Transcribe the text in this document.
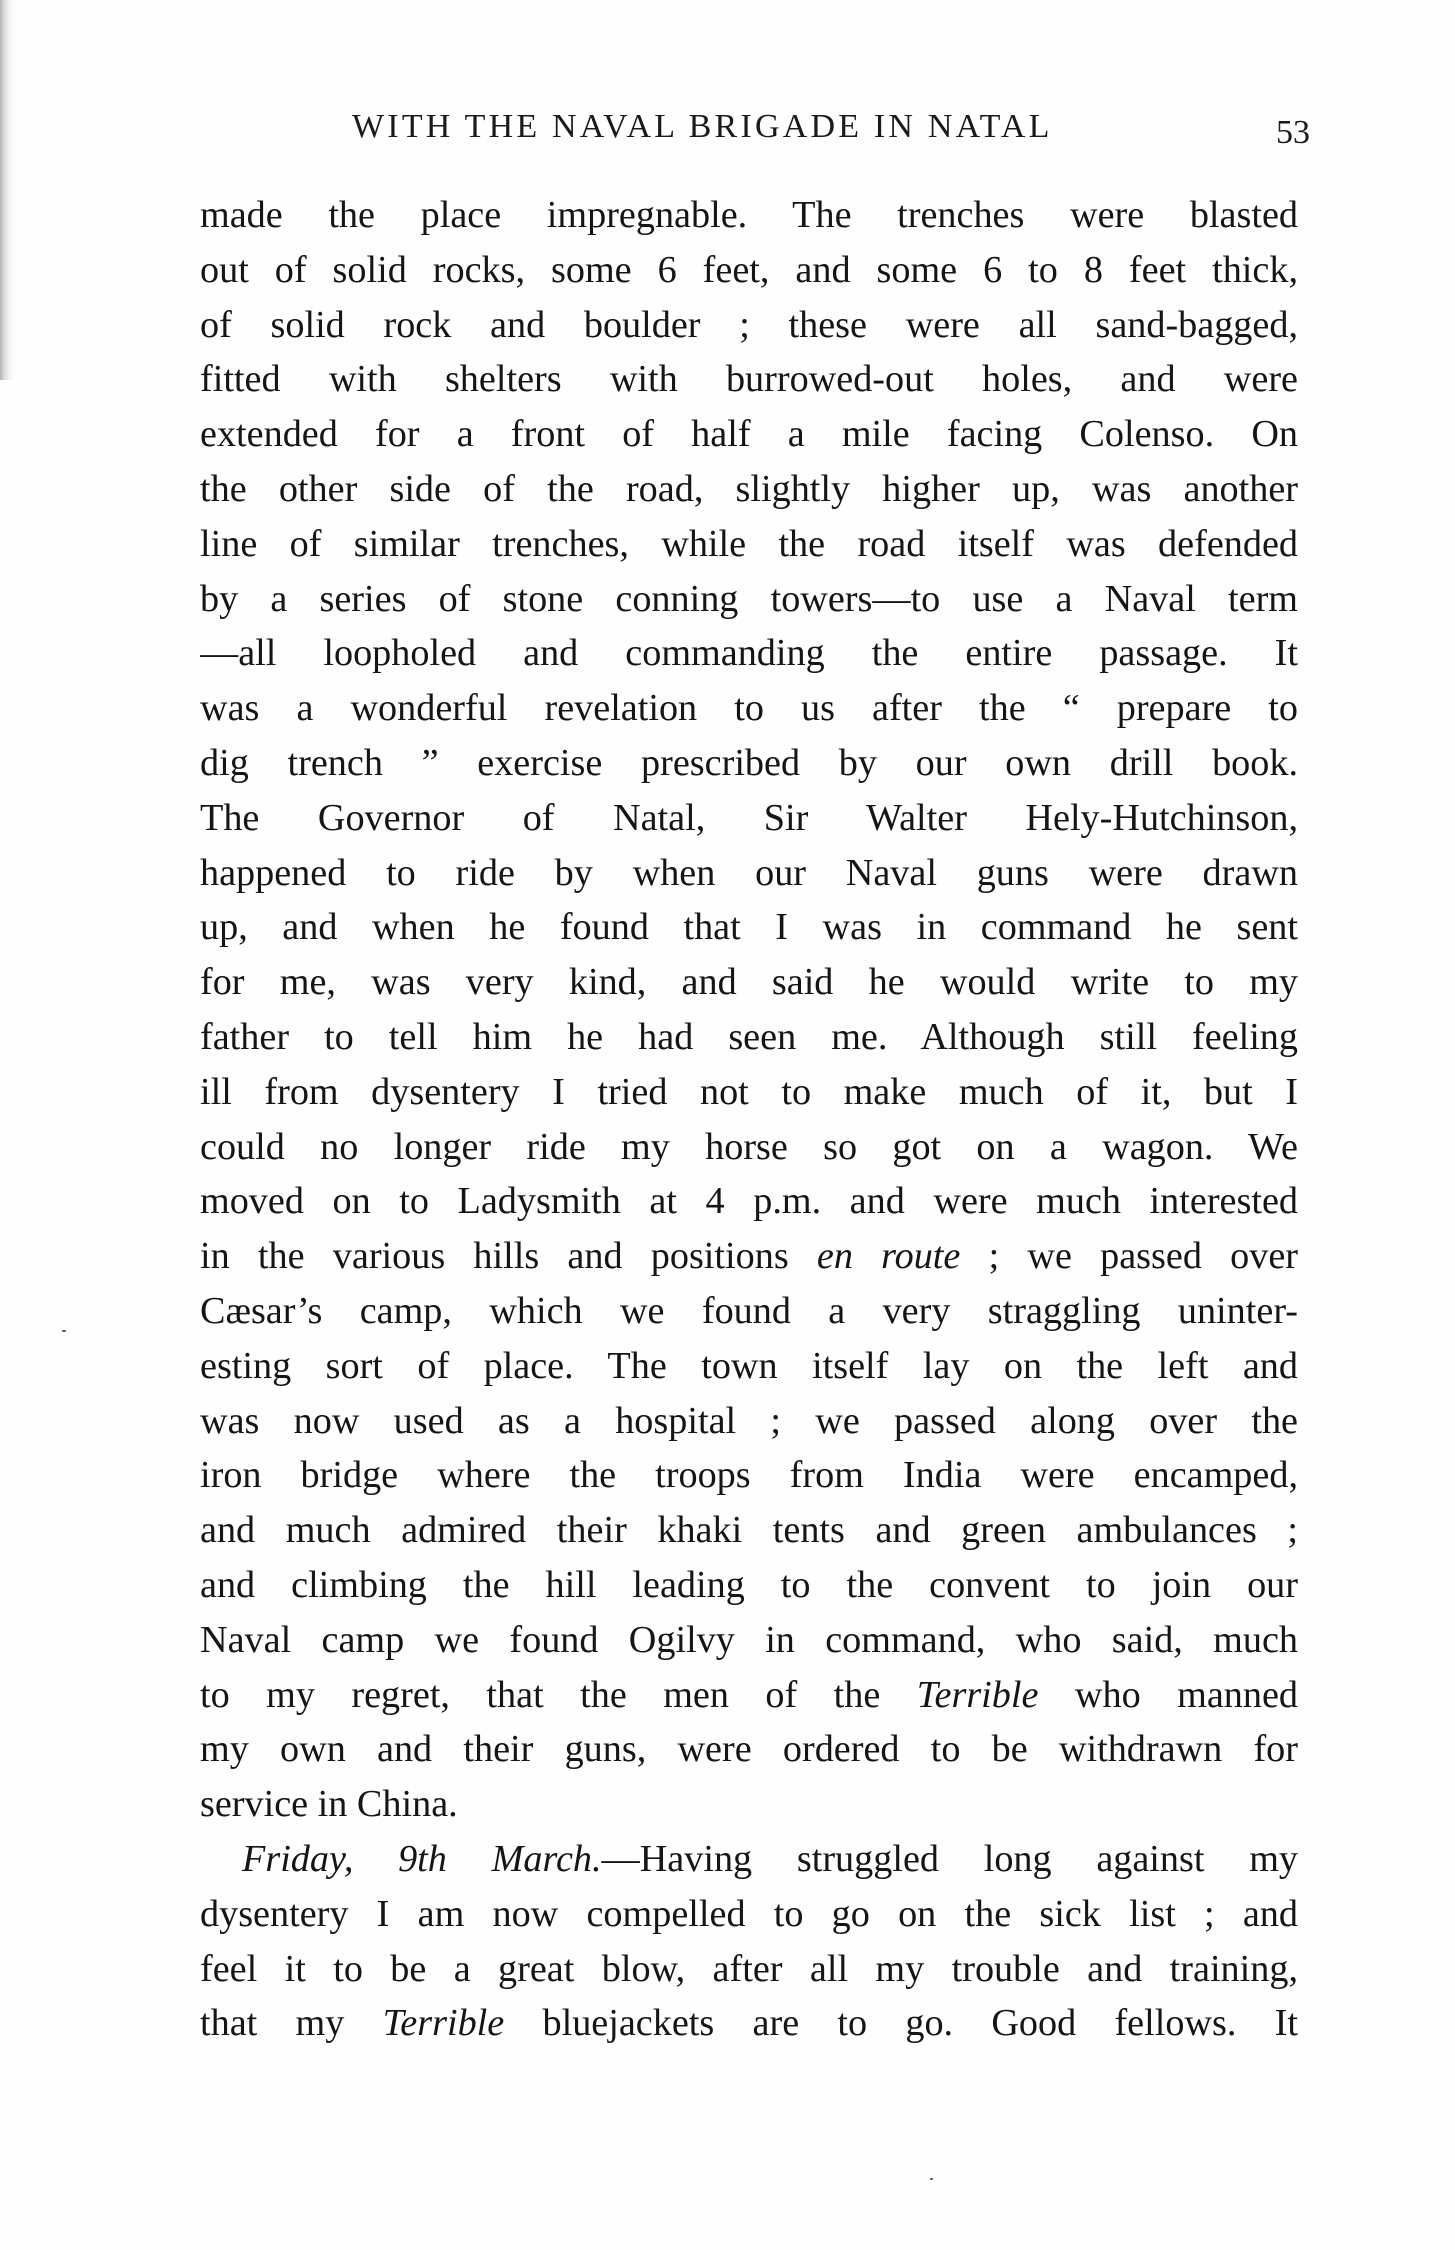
WITH THE NAVAL BRIGADE IN NATAL	53
made the place impregnable. The trenches were blasted
out of solid rocks, some 6 feet, and some 6 to 8 feet thick,
of solid rock and boulder ; these were all sand-bagged,
fitted with shelters with burrowed-out holes, and were
extended for a front of half a mile facing Colenso. On
the other side of the road, slightly higher up, was another
line of similar trenches, while the road itself was defended
by a series of stone conning towers—to use a Naval term
—all loopholed and commanding the entire passage. It
was a wonderful revelation to us after the “ prepare to
dig trench ” exercise prescribed by our own drill book.
The Governor of Natal, Sir Walter Hely-Hutchinson,
happened to ride by when our Naval guns were drawn
up, and when he found that I was in command he sent
for me, was very kind, and said he would write to my
father to tell him he had seen me. Although still feeling
ill from dysentery I tried not to make much of it, but I
could no longer ride my horse so got on a wagon. We
moved on to Ladysmith at 4 p.m. and were much interested
in the various hills and positions en route ; we passed over
Cæsar’s camp, which we found a very straggling uninter-
esting sort of place. The town itself lay on the left and
was now used as a hospital ; we passed along over the
iron bridge where the troops from India were encamped,
and much admired their khaki tents and green ambulances ;
and climbing the hill leading to the convent to join our
Naval camp we found Ogilvy in command, who said, much
to my regret, that the men of the Terrible who manned
my own and their guns, were ordered to be withdrawn for
service in China.
Friday, 9th March.—Having struggled long against my
dysentery I am now compelled to go on the sick list ; and
feel it to be a great blow, after all my trouble and training,
that my Terrible bluejackets are to go. Good fellows. It
